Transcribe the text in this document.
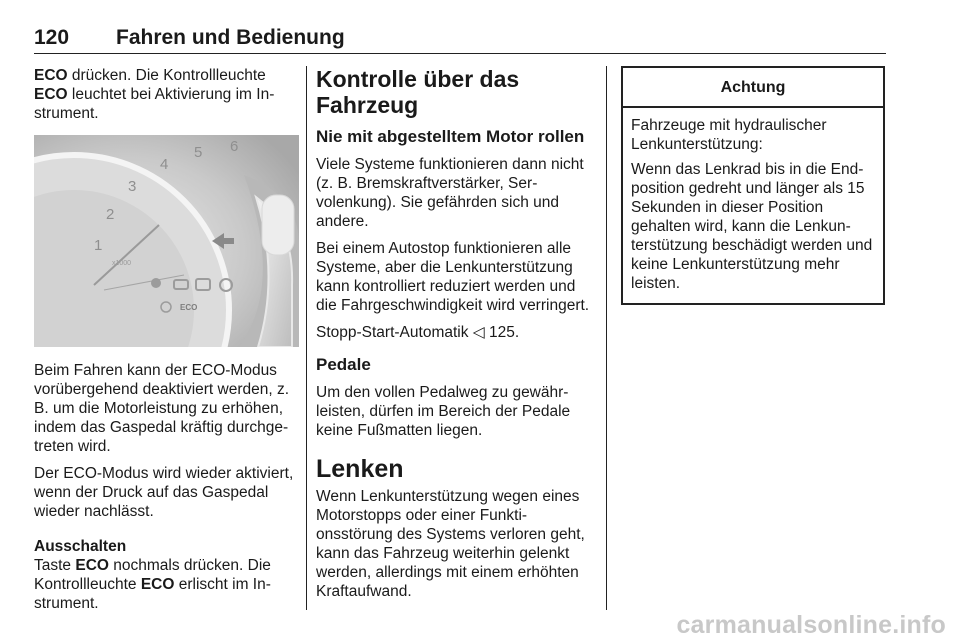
120 Fahren und Bedienung

ECO drücken. Die Kontrollleuchte ECO leuchtet bei Aktivierung im Instrument.

1
2
3
4
5 6
x1000
ECO

Beim Fahren kann der ECO-Modus vorübergehend deaktiviert werden, z. B. um die Motorleistung zu erhöhen, indem das Gaspedal kräftig durchgetreten wird.

Der ECO-Modus wird wieder aktiviert, wenn der Druck auf das Gaspedal wieder nachlässt.

Ausschalten

Taste ECO nochmals drücken. Die Kontrollleuchte ECO erlischt im Instrument.

Kontrolle über das Fahrzeug
Nie mit abgestelltem Motor rollen

Viele Systeme funktionieren dann nicht (z. B. Bremskraftverstärker, Servolenkung). Sie gefährden sich und andere.

Bei einem Autostop funktionieren alle Systeme, aber die Lenkunterstützung kann kontrolliert reduziert werden und die Fahrgeschwindigkeit wird verringert.

Stopp-Start-Automatik ◁ 125.

Pedale

Um den vollen Pedalweg zu gewährleisten, dürfen im Bereich der Pedale keine Fußmatten liegen.

Lenken

Wenn Lenkunterstützung wegen eines Motorstopps oder einer Funktionsstörung des Systems verloren geht, kann das Fahrzeug weiterhin gelenkt werden, allerdings mit einem erhöhten Kraftaufwand.

Achtung

Fahrzeuge mit hydraulischer Lenkunterstützung:

Wenn das Lenkrad bis in die Endposition gedreht und länger als 15 Sekunden in dieser Position gehalten wird, kann die Lenkunterstützung beschädigt werden und keine Lenkunterstützung mehr leisten.

carmanualsonline.info
